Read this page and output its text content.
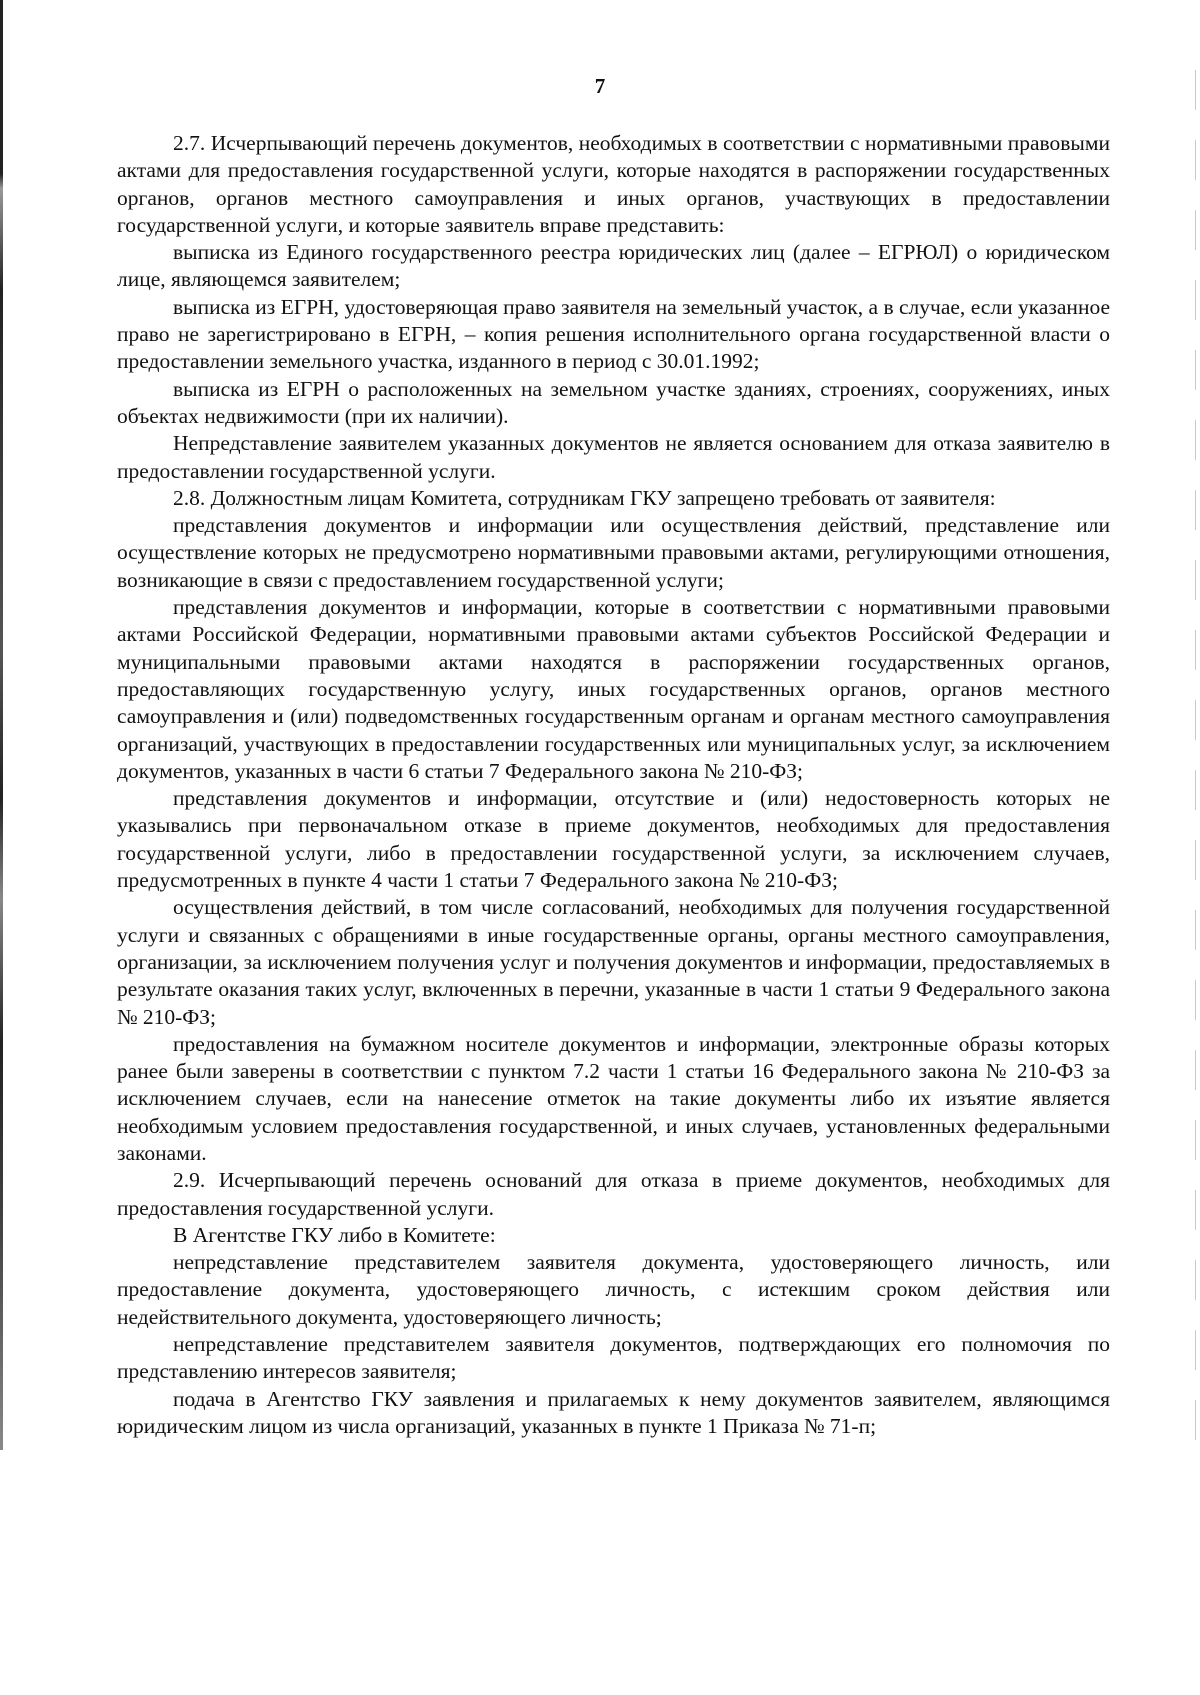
7

2.7. Исчерпывающий перечень документов, необходимых в соответствии с нормативными правовыми актами для предоставления государственной услуги, которые находятся в распоряжении государственных органов, органов местного самоуправления и иных органов, участвующих в предоставлении государственной услуги, и которые заявитель вправе представить:

выписка из Единого государственного реестра юридических лиц (далее – ЕГРЮЛ) о юридическом лице, являющемся заявителем;

выписка из ЕГРН, удостоверяющая право заявителя на земельный участок, а в случае, если указанное право не зарегистрировано в ЕГРН, – копия решения исполнительного органа государственной власти о предоставлении земельного участка, изданного в период с 30.01.1992;

выписка из ЕГРН о расположенных на земельном участке зданиях, строениях, сооружениях, иных объектах недвижимости (при их наличии).

Непредставление заявителем указанных документов не является основанием для отказа заявителю в предоставлении государственной услуги.

2.8. Должностным лицам Комитета, сотрудникам ГКУ запрещено требовать от заявителя:

представления документов и информации или осуществления действий, представление или осуществление которых не предусмотрено нормативными правовыми актами, регулирующими отношения, возникающие в связи с предоставлением государственной услуги;

представления документов и информации, которые в соответствии с нормативными правовыми актами Российской Федерации, нормативными правовыми актами субъектов Российской Федерации и муниципальными правовыми актами находятся в распоряжении государственных органов, предоставляющих государственную услугу, иных государственных органов, органов местного самоуправления и (или) подведомственных государственным органам и органам местного самоуправления организаций, участвующих в предоставлении государственных или муниципальных услуг, за исключением документов, указанных в части 6 статьи 7 Федерального закона № 210-ФЗ;

представления документов и информации, отсутствие и (или) недостоверность которых не указывались при первоначальном отказе в приеме документов, необходимых для предоставления государственной услуги, либо в предоставлении государственной услуги, за исключением случаев, предусмотренных в пункте 4 части 1 статьи 7 Федерального закона № 210-ФЗ;

осуществления действий, в том числе согласований, необходимых для получения государственной услуги и связанных с обращениями в иные государственные органы, органы местного самоуправления, организации, за исключением получения услуг и получения документов и информации, предоставляемых в результате оказания таких услуг, включенных в перечни, указанные в части 1 статьи 9 Федерального закона № 210-ФЗ;

предоставления на бумажном носителе документов и информации, электронные образы которых ранее были заверены в соответствии с пунктом 7.2 части 1 статьи 16 Федерального закона № 210-ФЗ за исключением случаев, если на нанесение отметок на такие документы либо их изъятие является необходимым условием предоставления государственной, и иных случаев, установленных федеральными законами.

2.9. Исчерпывающий перечень оснований для отказа в приеме документов, необходимых для предоставления государственной услуги.

В Агентстве ГКУ либо в Комитете:

непредставление представителем заявителя документа, удостоверяющего личность, или предоставление документа, удостоверяющего личность, с истекшим сроком действия или недействительного документа, удостоверяющего личность;

непредставление представителем заявителя документов, подтверждающих его полномочия по представлению интересов заявителя;

подача в Агентство ГКУ заявления и прилагаемых к нему документов заявителем, являющимся юридическим лицом из числа организаций, указанных в пункте 1 Приказа № 71-п;
